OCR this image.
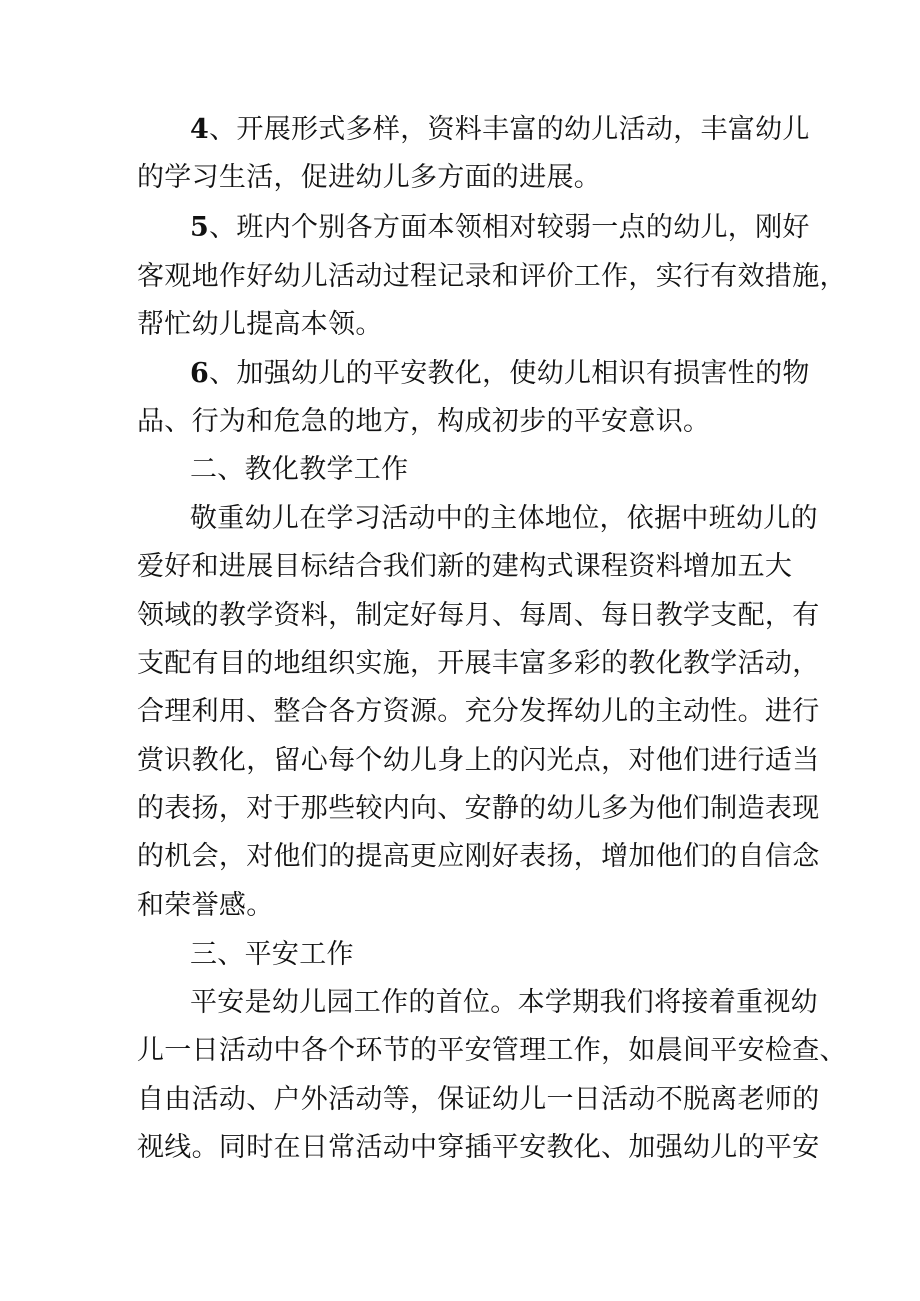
4、开展形式多样，资料丰富的幼儿活动，丰富幼儿
的学习生活，促进幼儿多方面的进展。
5、班内个别各方面本领相对较弱一点的幼儿，刚好
客观地作好幼儿活动过程记录和评价工作，实行有效措施，
帮忙幼儿提高本领。
6、加强幼儿的平安教化，使幼儿相识有损害性的物
品、行为和危急的地方，构成初步的平安意识。
二、教化教学工作
敬重幼儿在学习活动中的主体地位，依据中班幼儿的
爱好和进展目标结合我们新的建构式课程资料增加五大
领域的教学资料，制定好每月、每周、每日教学支配，有
支配有目的地组织实施，开展丰富多彩的教化教学活动，
合理利用、整合各方资源。充分发挥幼儿的主动性。进行
赏识教化，留心每个幼儿身上的闪光点，对他们进行适当
的表扬，对于那些较内向、安静的幼儿多为他们制造表现
的机会，对他们的提高更应刚好表扬，增加他们的自信念
和荣誉感。
三、平安工作
平安是幼儿园工作的首位。本学期我们将接着重视幼
儿一日活动中各个环节的平安管理工作，如晨间平安检查、
自由活动、户外活动等，保证幼儿一日活动不脱离老师的
视线。同时在日常活动中穿插平安教化、加强幼儿的平安
